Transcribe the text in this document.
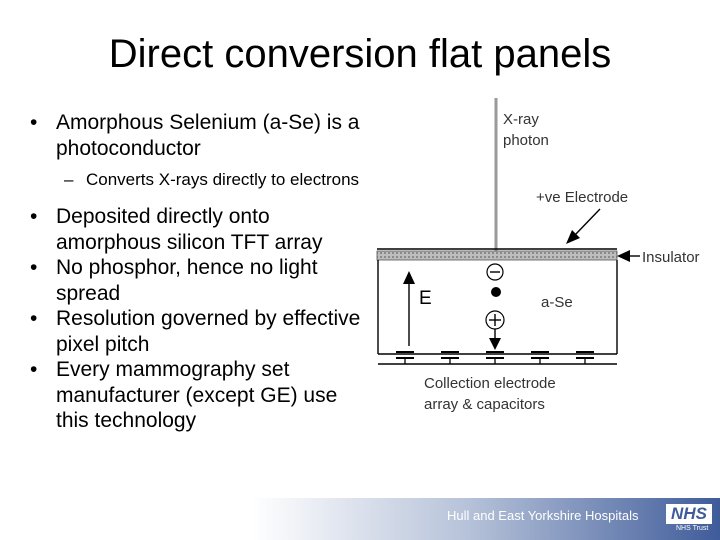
Direct conversion flat panels
• Amorphous Selenium (a-Se) is a photoconductor
– Converts X-rays directly to electrons
• Deposited directly onto amorphous silicon TFT array
• No phosphor, hence no light spread
• Resolution governed by effective pixel pitch
• Every mammography set manufacturer (except GE) use this technology
X-ray
photon
+ve Electrode
Insulator
E	a-Se
Collection electrode
array & capacitors
Hull and East Yorkshire Hospitals NHS
NHS Trust
